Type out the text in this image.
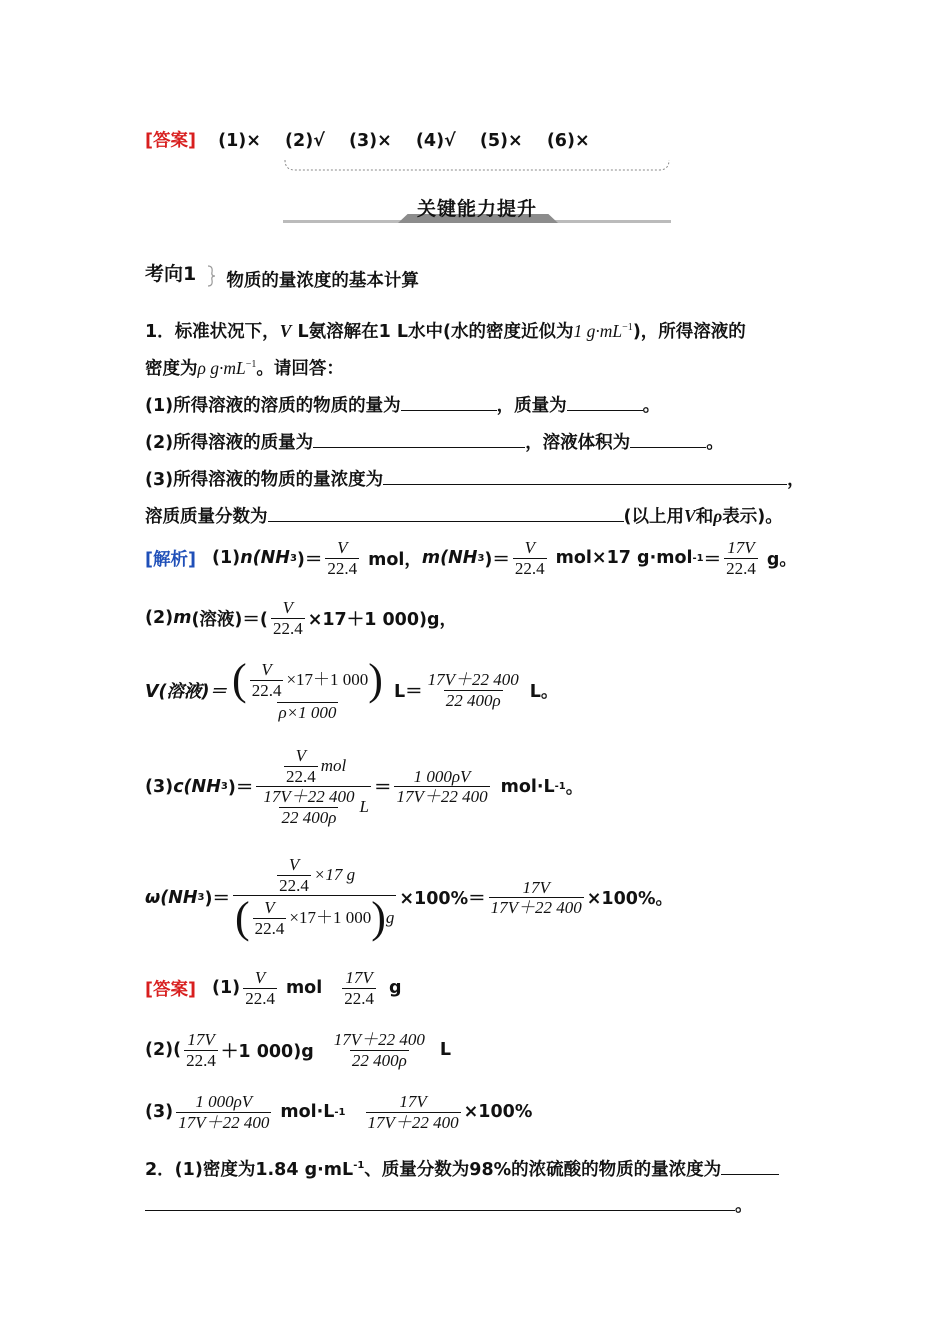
[答案] (1)× (2)√ (3)× (4)√ (5)× (6)×
关键能力提升
考向1 物质的量浓度的基本计算
1．标准状况下，V L氨溶解在1 L水中(水的密度近似为1 $g\cdot mL^{-1}$)，所得溶液的
密度为ρ $g\cdot mL^{-1}$。请回答：
(1)所得溶液的溶质的物质的量为	，质量为	。
(2)所得溶液的质量为	，溶液体积为	。
(3)所得溶液的物质的量浓度为	，
溶质质量分数为	(以上用V和ρ表示)。
[解析] (1) n(NH 3 )＝
V
22.4 mol， m(NH 3 )＝
V
22.4 mol×17 g·mol -1 ＝
17V
22.4 g。
(2) m (溶液)＝( $\frac{V}{22.4} \times 17+1$ 000)g，
V(溶液)＝ ( $\frac{V}{22.4} \times 17+1$ 000 )
ρ×1 000
L＝
17V＋22 400
22 400ρ L。
(3) c(NH 3 )＝
V
22.4
mol
17V＋22 400
22 400ρ
L
＝
1 000ρV
17V＋22 400 mol·L -1 。
ω(NH 3 )＝ $\frac{\frac{V}{22.4} \times 17 g}{( \frac{V}{22.4} \times 17+1 000 ) g} \times 100\%= \frac{17V}{17V+22 400} \times 100\%$。
[答案] (1)
V
22.4 mol
17V
22.4 g
(2)(
17V
22.4 ＋1 000)g
17V＋22 400
22 400ρ L
(3)
1 000ρV
17V＋22 400 mol·L $-1 \frac{17V}{17V+22 400} \times 100\%$
2．(1)密度为1.84 $g\cdot mL^{-1}$、质量分数为98%的浓硫酸的物质的量浓度为
。
